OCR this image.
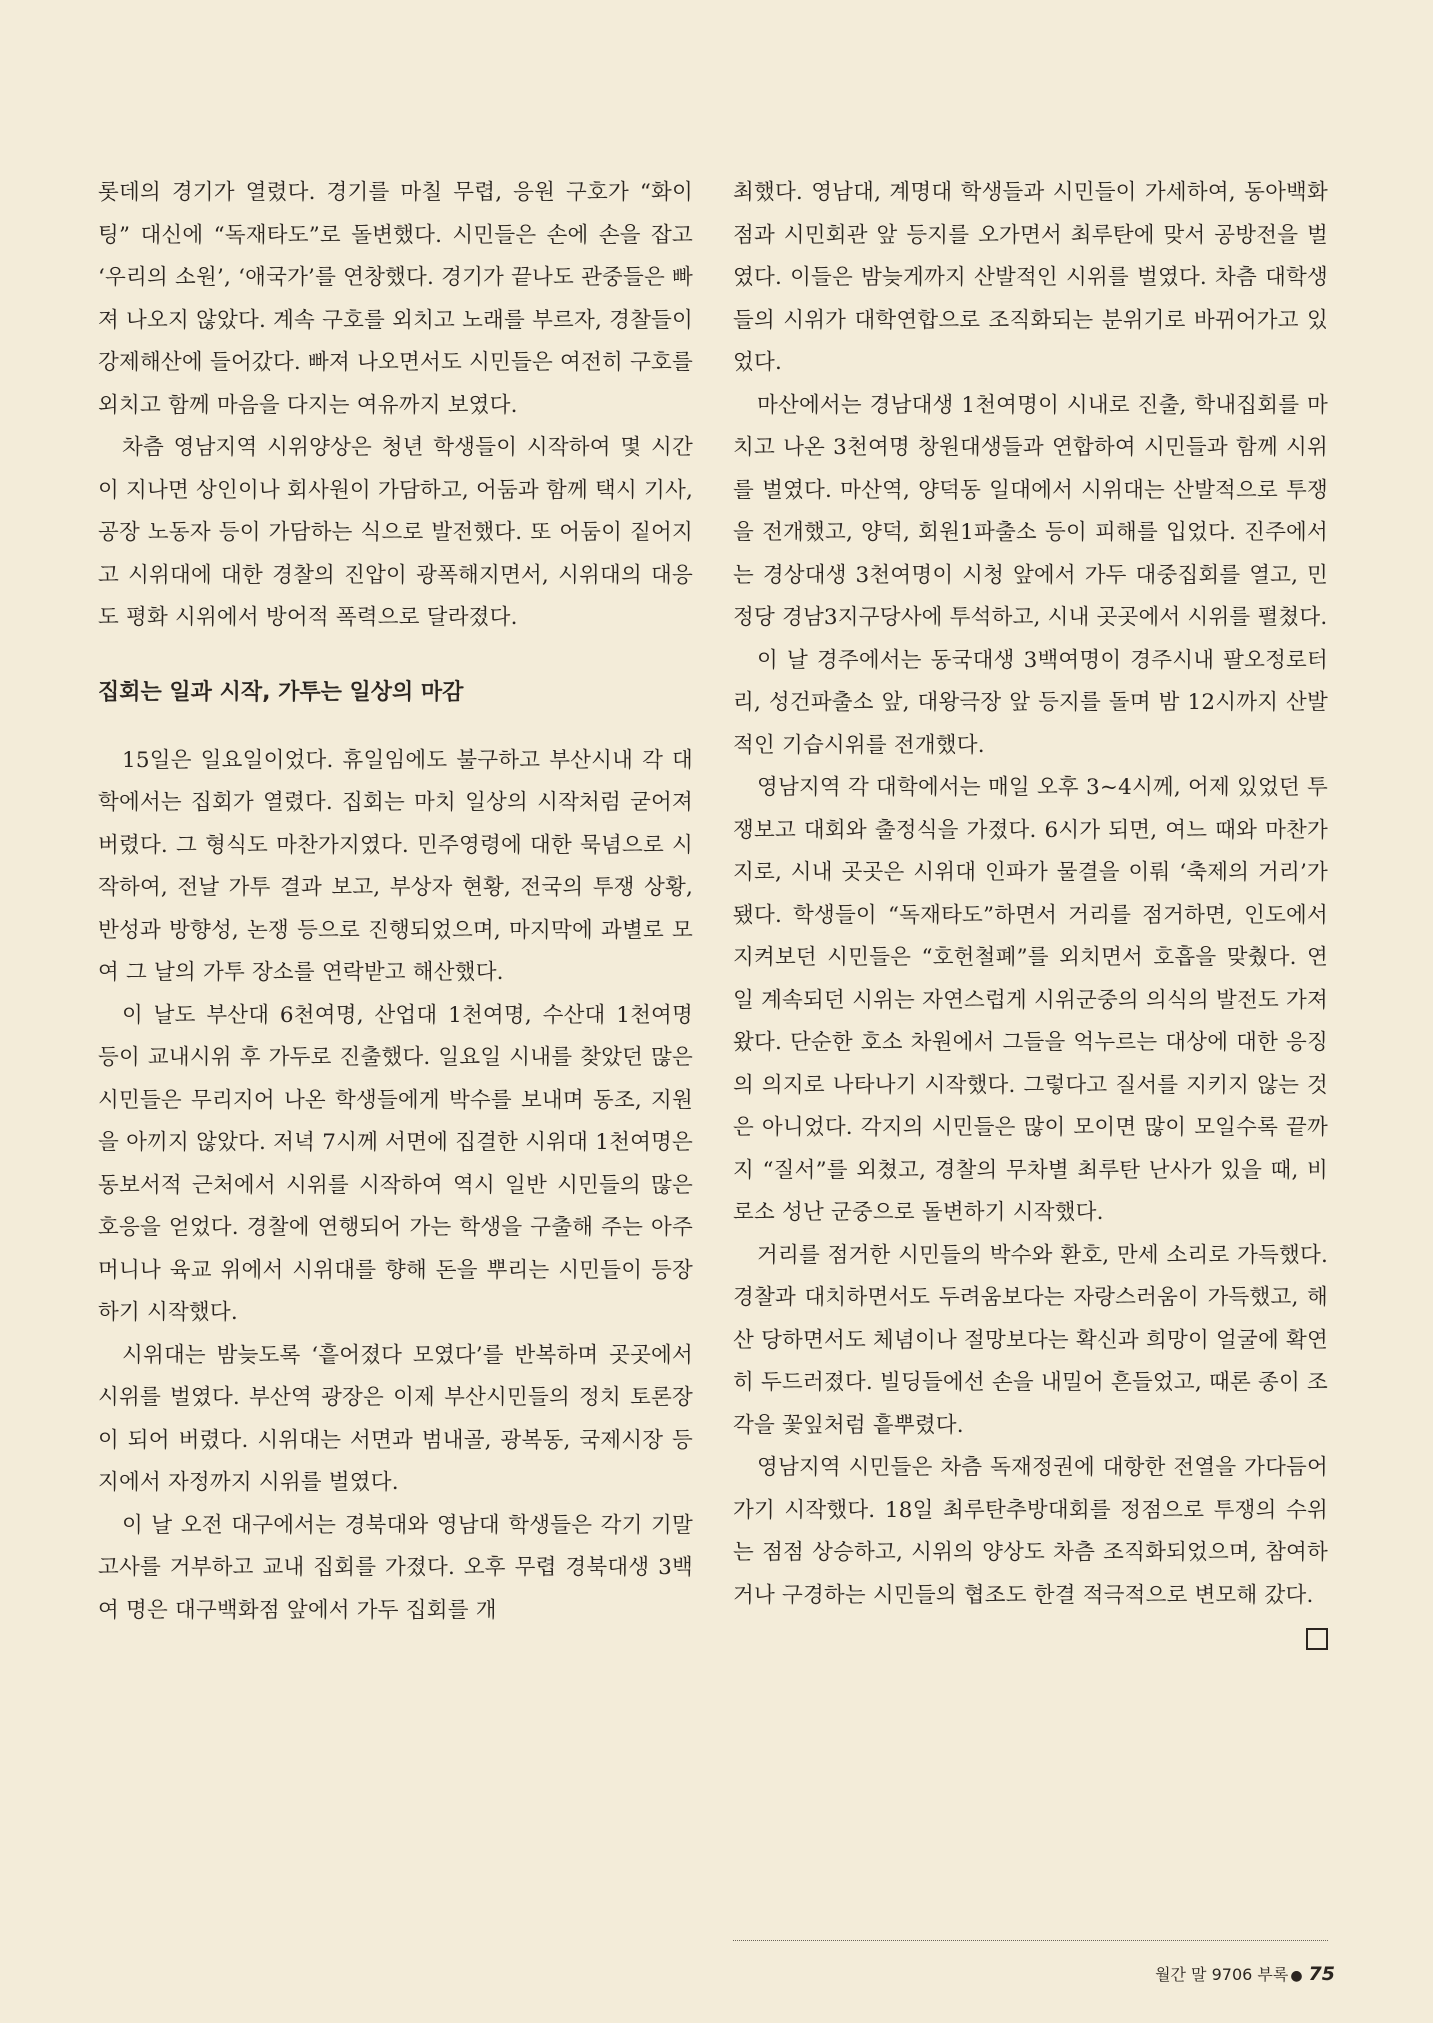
롯데의 경기가 열렸다. 경기를 마칠 무렵, 응원 구호가 “화이팅” 대신에 “독재타도”로 돌변했다. 시민들은 손에 손을 잡고 ‘우리의 소원’, ‘애국가’를 연창했다. 경기가 끝나도 관중들은 빠져 나오지 않았다. 계속 구호를 외치고 노래를 부르자, 경찰들이 강제해산에 들어갔다. 빠져 나오면서도 시민들은 여전히 구호를 외치고 함께 마음을 다지는 여유까지 보였다.

차츰 영남지역 시위양상은 청년 학생들이 시작하여 몇 시간이 지나면 상인이나 회사원이 가담하고, 어둠과 함께 택시 기사, 공장 노동자 등이 가담하는 식으로 발전했다. 또 어둠이 짙어지고 시위대에 대한 경찰의 진압이 광폭해지면서, 시위대의 대응도 평화 시위에서 방어적 폭력으로 달라졌다.

집회는 일과 시작, 가투는 일상의 마감

15일은 일요일이었다. 휴일임에도 불구하고 부산시내 각 대학에서는 집회가 열렸다. 집회는 마치 일상의 시작처럼 굳어져 버렸다. 그 형식도 마찬가지였다. 민주영령에 대한 묵념으로 시작하여, 전날 가투 결과 보고, 부상자 현황, 전국의 투쟁 상황, 반성과 방향성, 논쟁 등으로 진행되었으며, 마지막에 과별로 모여 그 날의 가투 장소를 연락받고 해산했다.

이 날도 부산대 6천여명, 산업대 1천여명, 수산대 1천여명 등이 교내시위 후 가두로 진출했다. 일요일 시내를 찾았던 많은 시민들은 무리지어 나온 학생들에게 박수를 보내며 동조, 지원을 아끼지 않았다. 저녁 7시께 서면에 집결한 시위대 1천여명은 동보서적 근처에서 시위를 시작하여 역시 일반 시민들의 많은 호응을 얻었다. 경찰에 연행되어 가는 학생을 구출해 주는 아주머니나 육교 위에서 시위대를 향해 돈을 뿌리는 시민들이 등장하기 시작했다.

시위대는 밤늦도록 ‘흩어졌다 모였다’를 반복하며 곳곳에서 시위를 벌였다. 부산역 광장은 이제 부산시민들의 정치 토론장이 되어 버렸다. 시위대는 서면과 범내골, 광복동, 국제시장 등지에서 자정까지 시위를 벌였다.

이 날 오전 대구에서는 경북대와 영남대 학생들은 각기 기말고사를 거부하고 교내 집회를 가졌다. 오후 무렵 경북대생 3백여 명은 대구백화점 앞에서 가두 집회를 개

최했다. 영남대, 계명대 학생들과 시민들이 가세하여, 동아백화점과 시민회관 앞 등지를 오가면서 최루탄에 맞서 공방전을 벌였다. 이들은 밤늦게까지 산발적인 시위를 벌였다. 차츰 대학생들의 시위가 대학연합으로 조직화되는 분위기로 바뀌어가고 있었다.

마산에서는 경남대생 1천여명이 시내로 진출, 학내집회를 마치고 나온 3천여명 창원대생들과 연합하여 시민들과 함께 시위를 벌였다. 마산역, 양덕동 일대에서 시위대는 산발적으로 투쟁을 전개했고, 양덕, 회원1파출소 등이 피해를 입었다. 진주에서는 경상대생 3천여명이 시청 앞에서 가두 대중집회를 열고, 민정당 경남3지구당사에 투석하고, 시내 곳곳에서 시위를 펼쳤다.

이 날 경주에서는 동국대생 3백여명이 경주시내 팔오정로터리, 성건파출소 앞, 대왕극장 앞 등지를 돌며 밤 12시까지 산발적인 기습시위를 전개했다.

영남지역 각 대학에서는 매일 오후 3~4시께, 어제 있었던 투쟁보고 대회와 출정식을 가졌다. 6시가 되면, 여느 때와 마찬가지로, 시내 곳곳은 시위대 인파가 물결을 이뤄 ‘축제의 거리’가 됐다. 학생들이 “독재타도”하면서 거리를 점거하면, 인도에서 지켜보던 시민들은 “호헌철폐”를 외치면서 호흡을 맞췄다. 연일 계속되던 시위는 자연스럽게 시위군중의 의식의 발전도 가져 왔다. 단순한 호소 차원에서 그들을 억누르는 대상에 대한 응징의 의지로 나타나기 시작했다. 그렇다고 질서를 지키지 않는 것은 아니었다. 각지의 시민들은 많이 모이면 많이 모일수록 끝까지 “질서”를 외쳤고, 경찰의 무차별 최루탄 난사가 있을 때, 비로소 성난 군중으로 돌변하기 시작했다.

거리를 점거한 시민들의 박수와 환호, 만세 소리로 가득했다. 경찰과 대치하면서도 두려움보다는 자랑스러움이 가득했고, 해산 당하면서도 체념이나 절망보다는 확신과 희망이 얼굴에 확연히 두드러졌다. 빌딩들에선 손을 내밀어 흔들었고, 때론 종이 조각을 꽃잎처럼 흩뿌렸다.

영남지역 시민들은 차츰 독재정권에 대항한 전열을 가다듬어 가기 시작했다. 18일 최루탄추방대회를 정점으로 투쟁의 수위는 점점 상승하고, 시위의 양상도 차츰 조직화되었으며, 참여하거나 구경하는 시민들의 협조도 한결 적극적으로 변모해 갔다.

월간 말 9706 부록 ● 75
